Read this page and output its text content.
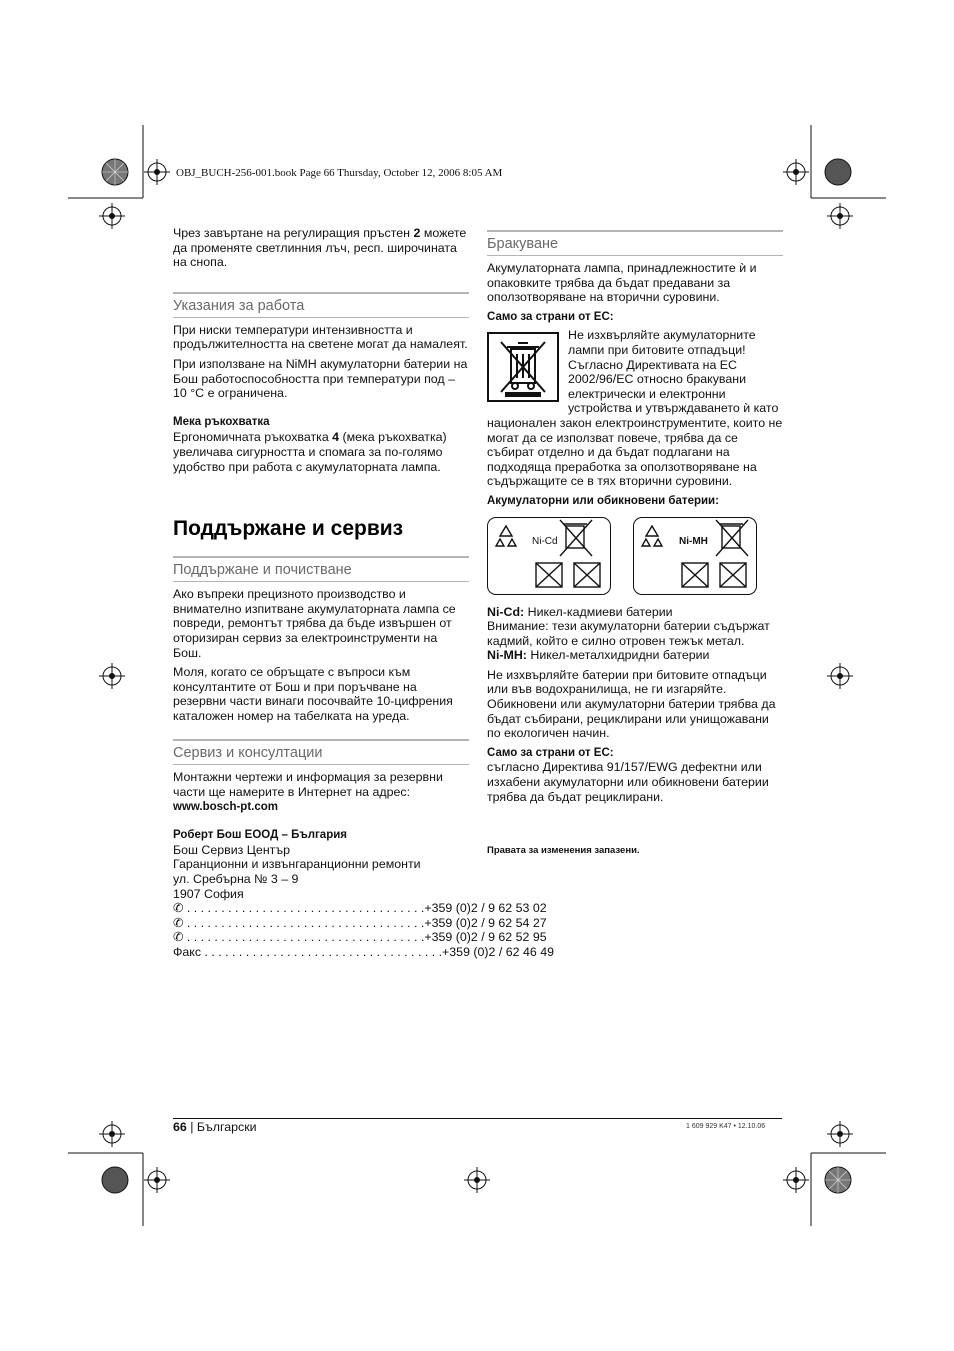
OBJ_BUCH-256-001.book Page 66 Thursday, October 12, 2006 8:05 AM

Чрез завъртане на регулиращия пръстен 2 можете да променяте светлинния лъч, респ. широчината на снопа.

Указания за работа

При ниски температури интензивността и продължителността на светене могат да намалеят.

При използване на NiMH акумулаторни батерии на Бош работоспособността при температури под – 10 °C е ограничена.

Мека ръкохватка

Ергономичната ръкохватка 4 (мека ръкохватка) увеличава сигурността и спомага за по-голямо удобство при работа с акумулаторната лампа.

Поддържане и сервиз
Поддържане и почистване

Ако въпреки прецизното производство и внимателно изпитване акумулаторната лампа се повреди, ремонтът трябва да бъде извършен от оторизиран сервиз за електроинструменти на Бош.

Моля, когато се обръщате с въпроси към консултантите от Бош и при поръчване на резервни части винаги посочвайте 10-цифрения каталожен номер на табелката на уреда.

Сервиз и консултации

Монтажни чертежи и информация за резервни части ще намерите в Интернет на адрес:

www.bosch-pt.com

Роберт Бош ЕООД – България

Бош Сервиз Център

Гаранционни и извънгаранционни ремонти

ул. Сребърна № 3 – 9

1907 София

✆ . . . . . . . . . . . . . . . . . . . . . . . . . . . . . . . . . . . +359 (0)2 / 9 62 53 02
✆ . . . . . . . . . . . . . . . . . . . . . . . . . . . . . . . . . . . +359 (0)2 / 9 62 54 27
✆ . . . . . . . . . . . . . . . . . . . . . . . . . . . . . . . . . . . +359 (0)2 / 9 62 52 95
Факс . . . . . . . . . . . . . . . . . . . . . . . . . . . . . . . . . . . +359 (0)2 / 62 46 49
Бракуване

Акумулаторната лампа, принадлежностите ѝ и опаковките трябва да бъдат предавани за оползотворяване на вторични суровини.

Само за страни от ЕС:

Не изхвърляйте акумулаторните лампи при битовите отпадъци! Съгласно Директивата на ЕС 2002/96/ЕС относно бракувани електрически и електронни устройства и утвърждаването ѝ като национален закон електроинструментите, които не могат да се използват повече, трябва да се събират отделно и да бъдат подлагани на подходяща преработка за оползотворяване на съдържащите се в тях вторични суровини.

Акумулаторни или обикновени батерии:

Ni-Cd	Ni-MH

Ni-Cd: Никел-кадмиеви батерии

Внимание: тези акумулаторни батерии съдържат кадмий, който е силно отровен тежък метал.

Ni-MH: Никел-металхидридни батерии

Не изхвърляйте батерии при битовите отпадъци или във водохранилища, не ги изгаряйте. Обикновени или акумулаторни батерии трябва да бъдат събирани, рециклирани или унищожавани по екологичен начин.

Само за страни от ЕС:

съгласно Директива 91/157/EWG дефектни или изхабени акумулаторни или обикновени батерии трябва да бъдат рециклирани.

Правата за изменения запазени.

66 | Български	1 609 929 K47 • 12.10.06
